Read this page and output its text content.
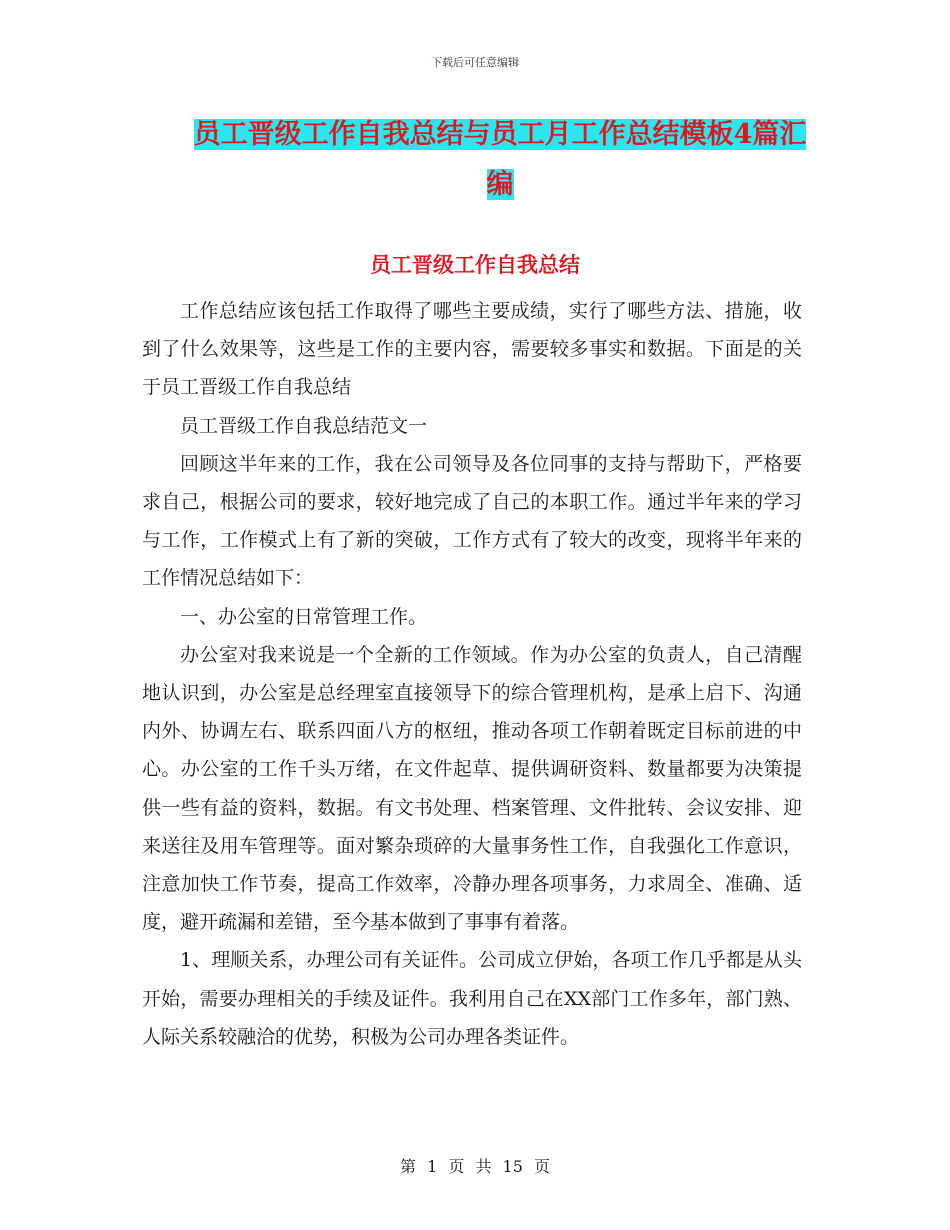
下载后可任意编辑
员工晋级工作自我总结与员工月工作总结模板4篇汇编
员工晋级工作自我总结

工作总结应该包括工作取得了哪些主要成绩，实行了哪些方法、措施，收到了什么效果等，这些是工作的主要内容，需要较多事实和数据。下面是的关于员工晋级工作自我总结

员工晋级工作自我总结范文一

回顾这半年来的工作，我在公司领导及各位同事的支持与帮助下，严格要求自己，根据公司的要求，较好地完成了自己的本职工作。通过半年来的学习与工作，工作模式上有了新的突破，工作方式有了较大的改变，现将半年来的工作情况总结如下：

一、办公室的日常管理工作。

办公室对我来说是一个全新的工作领域。作为办公室的负责人，自己清醒地认识到，办公室是总经理室直接领导下的综合管理机构，是承上启下、沟通内外、协调左右、联系四面八方的枢纽，推动各项工作朝着既定目标前进的中心。办公室的工作千头万绪，在文件起草、提供调研资料、数量都要为决策提供一些有益的资料，数据。有文书处理、档案管理、文件批转、会议安排、迎来送往及用车管理等。面对繁杂琐碎的大量事务性工作，自我强化工作意识，注意加快工作节奏，提高工作效率，冷静办理各项事务，力求周全、准确、适度，避开疏漏和差错，至今基本做到了事事有着落。

1、理顺关系，办理公司有关证件。公司成立伊始，各项工作几乎都是从头开始，需要办理相关的手续及证件。我利用自己在XX部门工作多年，部门熟、人际关系较融洽的优势，积极为公司办理各类证件。

第 1 页 共 15 页
